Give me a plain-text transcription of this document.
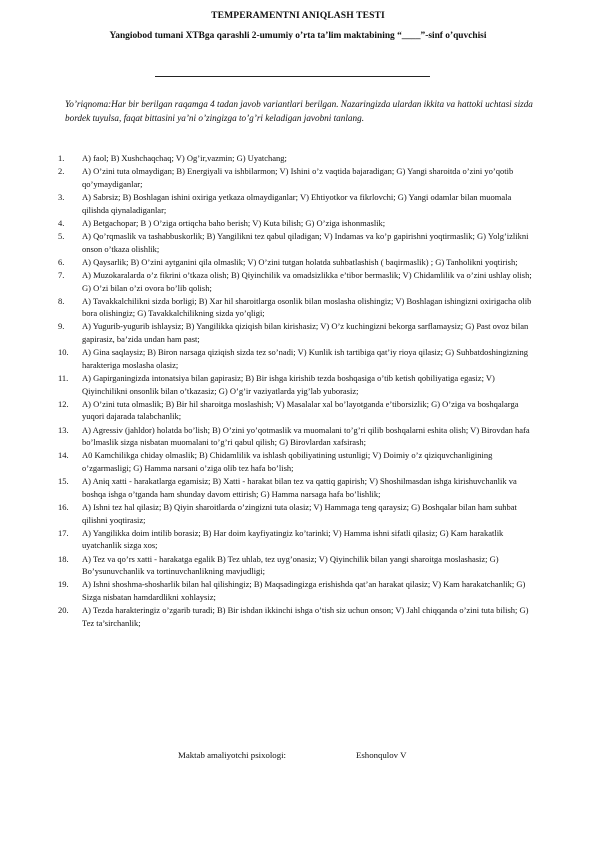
TEMPERAMENTNI ANIQLASH TESTI
Yangiobod tumani XTBga qarashli 2-umumiy o’rta ta’lim maktabining “____”-sinf o’quvchisi
Yo’riqnoma:Har bir berilgan raqamga 4 tadan javob variantlari berilgan. Nazaringizda ulardan ikkita va hattoki uchtasi sizda bordek tuyulsa, faqat bittasini ya’ni o’zingizga to’g’ri keladigan javobni tanlang.
1.	A) faol; B) Xushchaqchaq; V) Og’ir,vazmin; G) Uyatchang;
2.	A) O’zini tuta olmaydigan; B) Energiyali va ishbilarmon; V) Ishini o’z vaqtida bajaradigan; G) Yangi sharoitda o’zini yo’qotib qo’ymaydiganlar;
3.	A) Sabrsiz; B) Boshlagan ishini oxiriga yetkaza olmaydiganlar; V) Ehtiyotkor va fikrlovchi; G) Yangi odamlar bilan muomala qilishda qiynaladiganlar;
4.	A) Betgachopar; B ) O’ziga ortiqcha baho berish; V) Kuta bilish; G) O’ziga ishonmaslik;
5.	A) Qo’rqmaslik va tashabbuskorlik; B) Yangilikni tez qabul qiladigan; V) Indamas va ko’p gapirishni yoqtirmaslik; G) Yolg’izlikni onson o’tkaza olishlik;
6.	A) Qaysarlik; B) O’zini aytganini qila olmaslik; V) O’zini tutgan holatda suhbatlashish ( baqirmaslik) ; G) Tanholikni yoqtirish;
7.	A) Muzokaralarda o’z fikrini o’tkaza olish; B) Qiyinchilik va omadsizlikka e’tibor bermaslik; V) Chidamlilik va o’zini ushlay olish; G) O’zi bilan o’zi ovora bo’lib qolish;
8.	A) Tavakkalchilikni sizda borligi; B) Xar hil sharoitlarga osonlik bilan moslasha olishingiz; V) Boshlagan ishingizni oxirigacha olib bora olishingiz; G) Tavakkalchilikning sizda yo’qligi;
9.	A) Yugurib-yugurib ishlaysiz; B) Yangilikka qiziqish bilan kirishasiz; V) O’z kuchingizni bekorga sarflamaysiz; G) Past ovoz bilan gapirasiz, ba’zida undan ham past;
10.	A) Gina saqlaysiz; B) Biron narsaga qiziqish sizda tez so’nadi; V) Kunlik ish tartibiga qat’iy rioya qilasiz; G) Suhbatdoshingizning harakteriga moslasha olasiz;
11.	A) Gapirganingizda intonatsiya bilan gapirasiz; B) Bir ishga kirishib tezda boshqasiga o’tib ketish qobiliyatiga egasiz; V) Qiyinchilikni onsonlik bilan o’tkazasiz; G) O’g’ir vaziyatlarda yig’lab yuborasiz;
12.	A) O’zini tuta olmaslik; B) Bir hil sharoitga moslashish; V) Masalalar xal bo’layotganda e’tiborsizlik; G) O’ziga va boshqalarga yuqori dajarada talabchanlik;
13.	A) Agressiv (jahldor) holatda bo’lish; B) O’zini yo’qotmaslik va muomalani to’g’ri qilib boshqalarni eshita olish; V) Birovdan hafa bo’lmaslik sizga nisbatan muomalani to’g’ri qabul qilish; G) Birovlardan xafsirash;
14.	A0 Kamchilikga chiday olmaslik; B) Chidamlilik va ishlash qobiliyatining ustunligi; V) Doimiy o’z qiziquvchanligining o’zgarmasligi; G) Hamma narsani o’ziga olib tez hafa bo’lish;
15.	A) Aniq xatti - harakatlarga egamisiz; B) Xatti - harakat bilan tez va qattiq gapirish; V) Shoshilmasdan ishga kirishuvchanlik va boshqa ishga o’tganda ham shunday davom ettirish; G) Hamma narsaga hafa bo’lishlik;
16.	A) Ishni tez hal qilasiz; B) Qiyin sharoitlarda o’zingizni tuta olasiz; V) Hammaga teng qaraysiz; G) Boshqalar bilan ham suhbat qilishni yoqtirasiz;
17.	A) Yangilikka doim intilib borasiz; B) Har doim kayfiyatingiz ko’tarinki; V) Hamma ishni sifatli qilasiz; G) Kam harakatlik uyatchanlik sizga xos;
18.	A) Tez va qo’rs xatti - harakatga egalik B) Tez uhlab, tez uyg’onasiz; V) Qiyinchilik bilan yangi sharoitga moslashasiz; G) Bo’ysunuvchanlik va tortinuvchanlikning mavjudligi;
19.	A) Ishni shoshma-shosharlik bilan hal qilishingiz; B) Maqsadingizga erishishda qat’an harakat qilasiz; V) Kam harakatchanlik; G) Sizga nisbatan hamdardlikni xohlaysiz;
20.	A) Tezda harakteringiz o’zgarib turadi; B) Bir ishdan ikkinchi ishga o’tish siz uchun onson; V) Jahl chiqqanda o’zini tuta bilish; G) Tez ta’sirchanlik;
Maktab amaliyotchi psixologi:	Eshonqulov V
